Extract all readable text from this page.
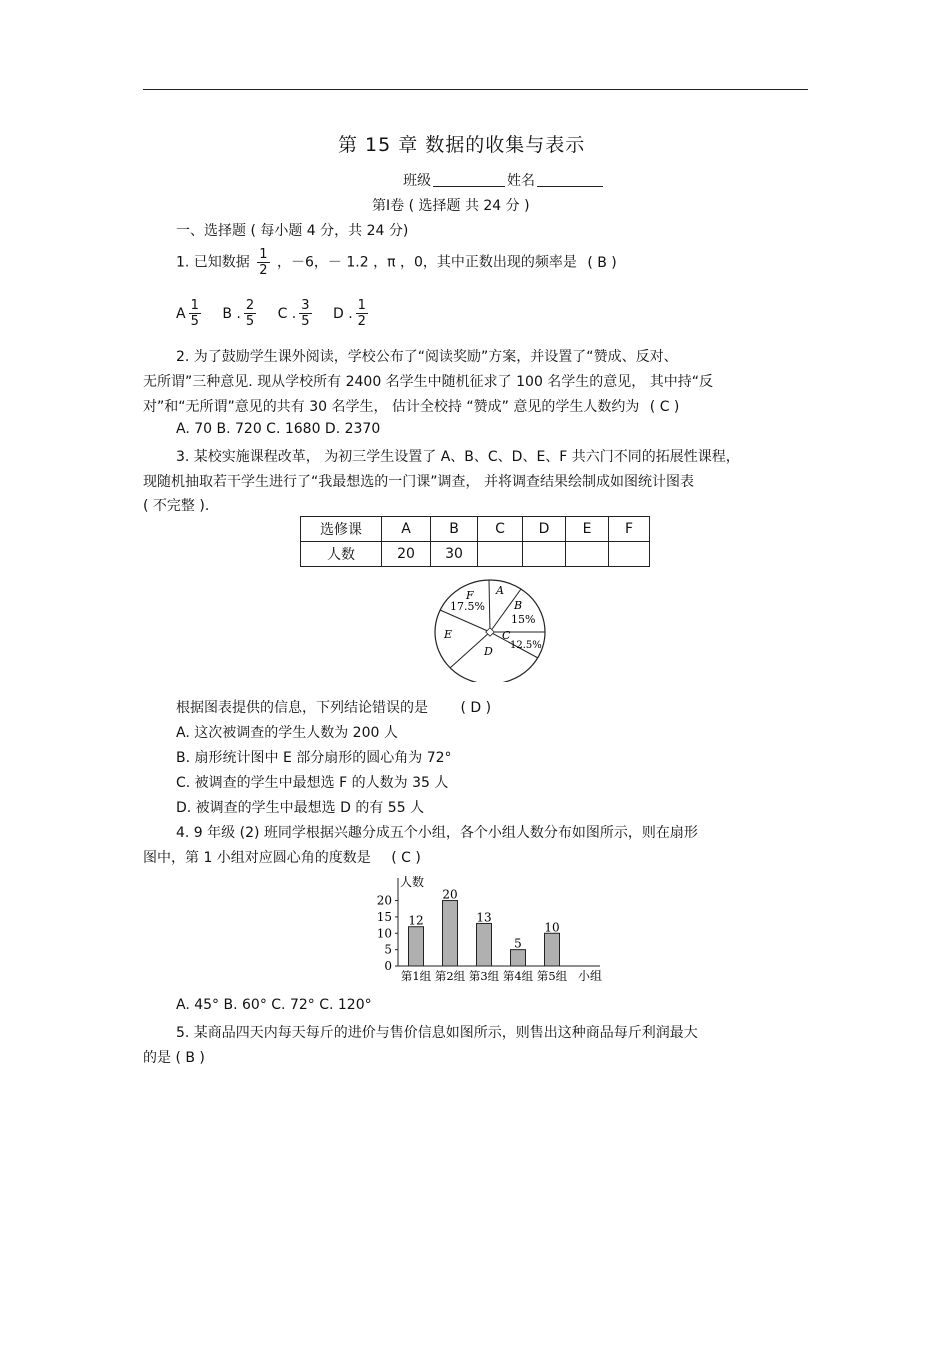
第 15 章 数据的收集与表示
班级	姓名
第Ⅰ卷 ( 选择题 共 24 分 )
一、选择题 ( 每小题 4 分，共 24 分)
1. 已知数据 $\frac{1}{2}$ ，－6，－ 1.2 ，π ，0，其中正数出现的频率是 ( B )
A $\frac{1}{5}$ B . $\frac{2}{5}$ C . $\frac{3}{5}$ D . $\frac{1}{2}$
2. 为了鼓励学生课外阅读，学校公布了“阅读奖励”方案，并设置了“赞成、反对、
无所谓”三种意见. 现从学校所有 2400 名学生中随机征求了 100 名学生的意见， 其中持“反
对”和“无所谓”意见的共有 30 名学生， 估计全校持 “赞成” 意见的学生人数约为 ( C )
A. 70 B. 720 C. 1680 D. 2370
3. 某校实施课程改革， 为初三学生设置了 A、B、C、D、E、F 共六门不同的拓展性课程，
现随机抽取若干学生进行了“我最想选的一门课”调查， 并将调查结果绘制成如图统计图表
( 不完整 ).
选修课	A	B	C	D	E	F
人数	20	30				
A
B
15%
C
12.5%
D
E
F
17.5%
根据图表提供的信息，下列结论错误的是 ( D )
A. 这次被调查的学生人数为 200 人
B. 扇形统计图中 E 部分扇形的圆心角为 72°
C. 被调查的学生中最想选 F 的人数为 35 人
D. 被调查的学生中最想选 D 的有 55 人
4. 9 年级 (2) 班同学根据兴趣分成五个小组，各个小组人数分布如图所示，则在扇形
图中，第 1 小组对应圆心角的度数是 ( C )
人数
0
5
10
15
20
12
第1组
20
第2组
13
第3组
5
第4组
10
第5组 小组
A. 45° B. 60° C. 72° C. 120°
5. 某商品四天内每天每斤的进价与售价信息如图所示，则售出这种商品每斤利润最大
的是 ( B )
